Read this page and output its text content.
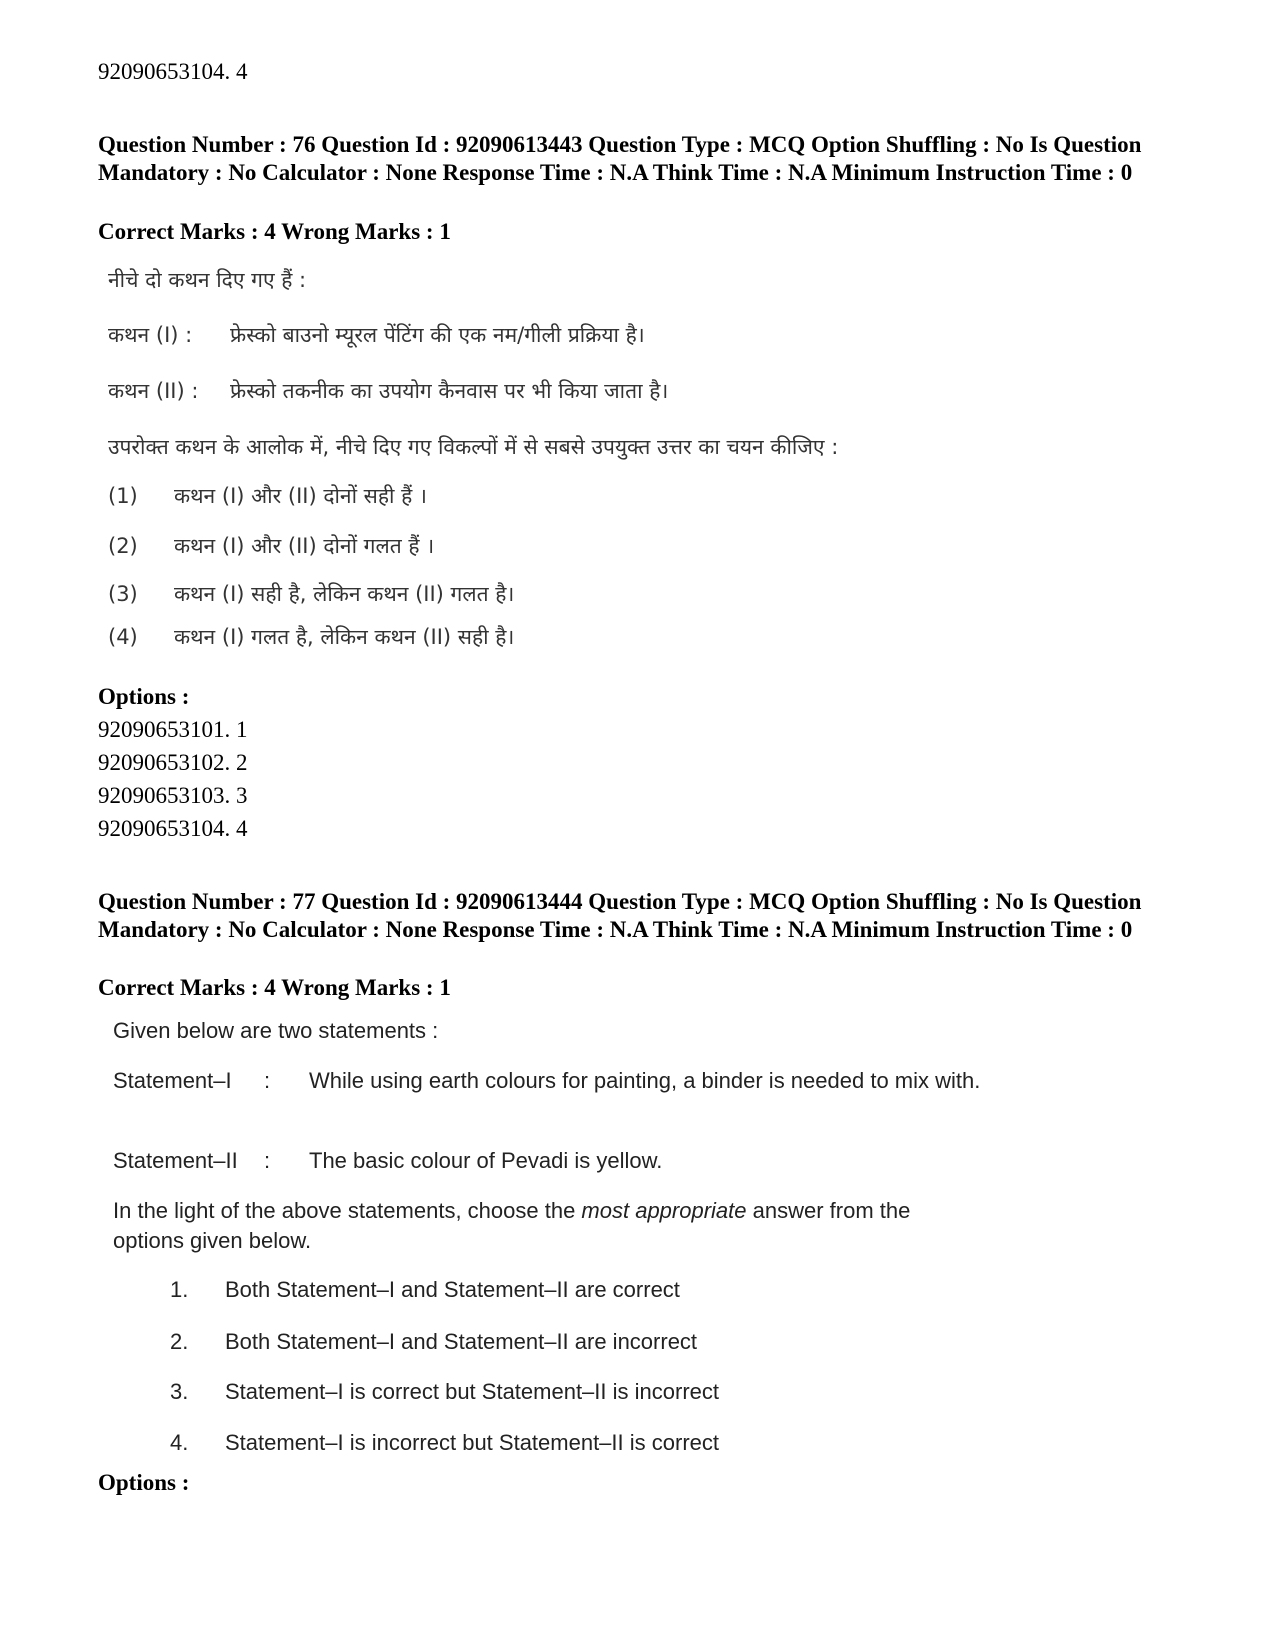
92090653104. 4
Question Number : 76 Question Id : 92090613443 Question Type : MCQ Option Shuffling : No Is Question Mandatory : No Calculator : None Response Time : N.A Think Time : N.A Minimum Instruction Time : 0
Correct Marks : 4 Wrong Marks : 1
नीचे दो कथन दिए गए हैं :
कथन (I) : फ्रेस्को बाउनो म्यूरल पेंटिंग की एक नम/गीली प्रक्रिया है।
कथन (II) : फ्रेस्को तकनीक का उपयोग कैनवास पर भी किया जाता है।
उपरोक्त कथन के आलोक में, नीचे दिए गए विकल्पों में से सबसे उपयुक्त उत्तर का चयन कीजिए :
(1) कथन (I) और (II) दोनों सही हैं ।
(2) कथन (I) और (II) दोनों गलत हैं ।
(3) कथन (I) सही है, लेकिन कथन (II) गलत है।
(4) कथन (I) गलत है, लेकिन कथन (II) सही है।
Options :
92090653101. 1
92090653102. 2
92090653103. 3
92090653104. 4
Question Number : 77 Question Id : 92090613444 Question Type : MCQ Option Shuffling : No Is Question Mandatory : No Calculator : None Response Time : N.A Think Time : N.A Minimum Instruction Time : 0
Correct Marks : 4 Wrong Marks : 1
Given below are two statements :
Statement–I : While using earth colours for painting, a binder is needed to mix with.
Statement–II : The basic colour of Pevadi is yellow.
In the light of the above statements, choose the most appropriate answer from the options given below.
1. Both Statement–I and Statement–II are correct
2. Both Statement–I and Statement–II are incorrect
3. Statement–I is correct but Statement–II is incorrect
4. Statement–I is incorrect but Statement–II is correct
Options :
